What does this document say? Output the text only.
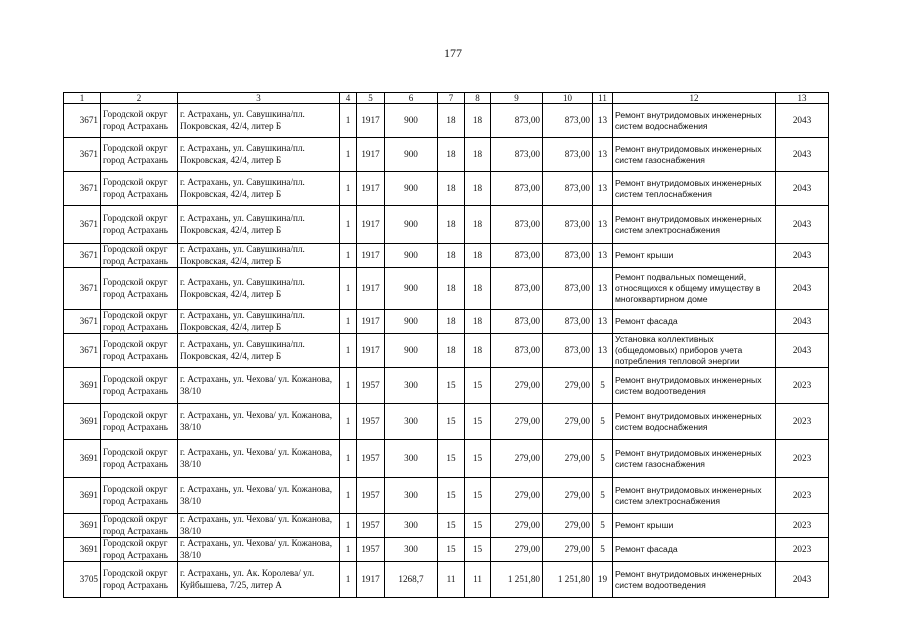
177
1	2	3	4	5	6	7	8	9	10	11	12	13
3671	Городской округ город Астрахань	г. Астрахань, ул. Савушкина/пл. Покровская, 42/4, литер Б	1	1917	900	18	18	873,00	873,00	13	Ремонт внутридомовых инженерных систем водоснабжения	2043
3671	Городской округ город Астрахань	г. Астрахань, ул. Савушкина/пл. Покровская, 42/4, литер Б	1	1917	900	18	18	873,00	873,00	13	Ремонт внутридомовых инженерных систем газоснабжения	2043
3671	Городской округ город Астрахань	г. Астрахань, ул. Савушкина/пл. Покровская, 42/4, литер Б	1	1917	900	18	18	873,00	873,00	13	Ремонт внутридомовых инженерных систем теплоснабжения	2043
3671	Городской округ город Астрахань	г. Астрахань, ул. Савушкина/пл. Покровская, 42/4, литер Б	1	1917	900	18	18	873,00	873,00	13	Ремонт внутридомовых инженерных систем электроснабжения	2043
3671	Городской округ город Астрахань	г. Астрахань, ул. Савушкина/пл. Покровская, 42/4, литер Б	1	1917	900	18	18	873,00	873,00	13	Ремонт крыши	2043
3671	Городской округ город Астрахань	г. Астрахань, ул. Савушкина/пл. Покровская, 42/4, литер Б	1	1917	900	18	18	873,00	873,00	13	Ремонт подвальных помещений, относящихся к общему имуществу в многоквартирном доме	2043
3671	Городской округ город Астрахань	г. Астрахань, ул. Савушкина/пл. Покровская, 42/4, литер Б	1	1917	900	18	18	873,00	873,00	13	Ремонт фасада	2043
3671	Городской округ город Астрахань	г. Астрахань, ул. Савушкина/пл. Покровская, 42/4, литер Б	1	1917	900	18	18	873,00	873,00	13	Установка коллективных (общедомовых) приборов учета потребления тепловой энергии	2043
3691	Городской округ город Астрахань	г. Астрахань, ул. Чехова/ ул. Кожанова, 38/10	1	1957	300	15	15	279,00	279,00	5	Ремонт внутридомовых инженерных систем водоотведения	2023
3691	Городской округ город Астрахань	г. Астрахань, ул. Чехова/ ул. Кожанова, 38/10	1	1957	300	15	15	279,00	279,00	5	Ремонт внутридомовых инженерных систем водоснабжения	2023
3691	Городской округ город Астрахань	г. Астрахань, ул. Чехова/ ул. Кожанова, 38/10	1	1957	300	15	15	279,00	279,00	5	Ремонт внутридомовых инженерных систем газоснабжения	2023
3691	Городской округ город Астрахань	г. Астрахань, ул. Чехова/ ул. Кожанова, 38/10	1	1957	300	15	15	279,00	279,00	5	Ремонт внутридомовых инженерных систем электроснабжения	2023
3691	Городской округ город Астрахань	г. Астрахань, ул. Чехова/ ул. Кожанова, 38/10	1	1957	300	15	15	279,00	279,00	5	Ремонт крыши	2023
3691	Городской округ город Астрахань	г. Астрахань, ул. Чехова/ ул. Кожанова, 38/10	1	1957	300	15	15	279,00	279,00	5	Ремонт фасада	2023
3705	Городской округ город Астрахань	г. Астрахань, ул. Ак. Королева/ ул. Куйбышева, 7/25, литер А	1	1917	1268,7	11	11	1 251,80	1 251,80	19	Ремонт внутридомовых инженерных систем водоотведения	2043
